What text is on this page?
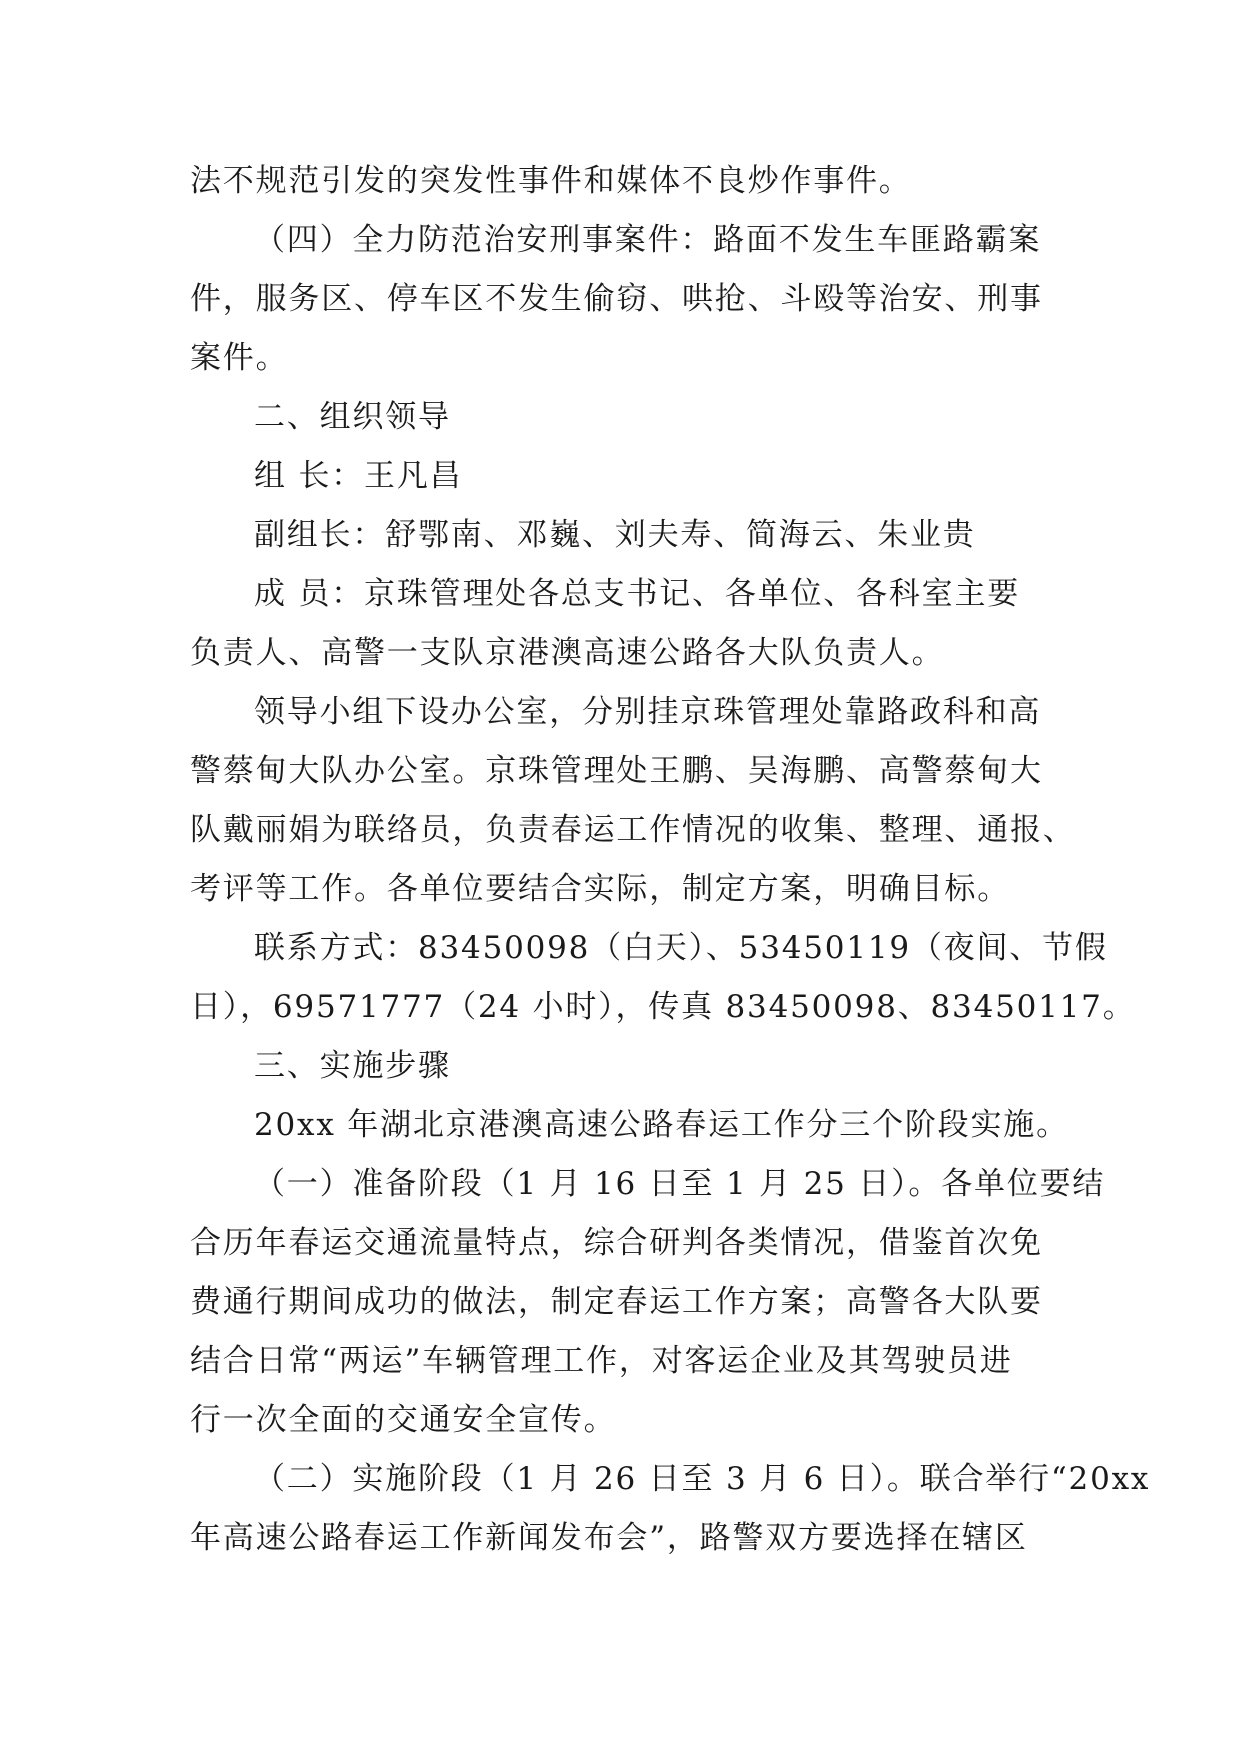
法不规范引发的突发性事件和媒体不良炒作事件。
（四）全力防范治安刑事案件：路面不发生车匪路霸案
件，服务区、停车区不发生偷窃、哄抢、斗殴等治安、刑事
案件。
二、组织领导
组 长：王凡昌
副组长：舒鄂南、邓巍、刘夫寿、简海云、朱业贵
成 员：京珠管理处各总支书记、各单位、各科室主要
负责人、高警一支队京港澳高速公路各大队负责人。
领导小组下设办公室，分别挂京珠管理处靠路政科和高
警蔡甸大队办公室。京珠管理处王鹏、吴海鹏、高警蔡甸大
队戴丽娟为联络员，负责春运工作情况的收集、整理、通报、
考评等工作。各单位要结合实际，制定方案，明确目标。
联系方式：83450098（白天）、53450119（夜间、节假
日），69571777（24 小时），传真 83450098、83450117。
三、实施步骤
20xx 年湖北京港澳高速公路春运工作分三个阶段实施。
（一）准备阶段（1 月 16 日至 1 月 25 日）。各单位要结
合历年春运交通流量特点，综合研判各类情况，借鉴首次免
费通行期间成功的做法，制定春运工作方案；高警各大队要
结合日常“两运”车辆管理工作，对客运企业及其驾驶员进
行一次全面的交通安全宣传。
（二）实施阶段（1 月 26 日至 3 月 6 日）。联合举行“20xx
年高速公路春运工作新闻发布会”，路警双方要选择在辖区
